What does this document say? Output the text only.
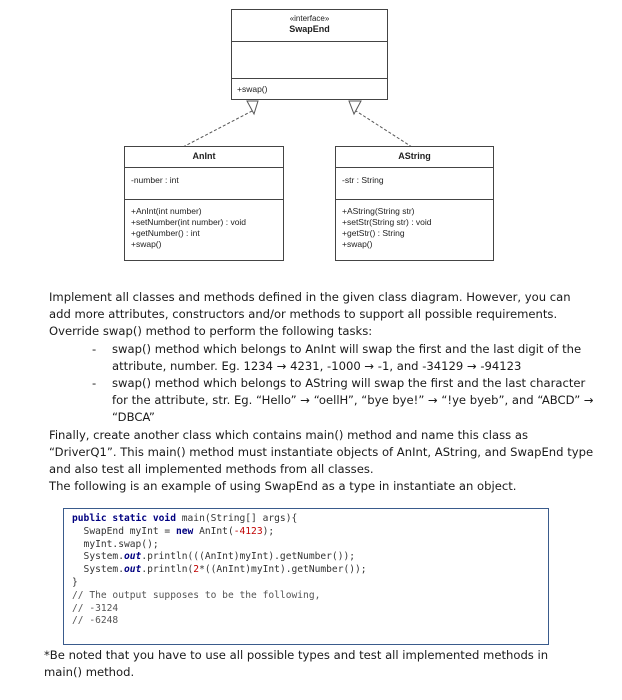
«interface»
SwapEnd
+swap()
AnInt
-number : int
+AnInt(int number)
+setNumber(int number) : void
+getNumber() : int
+swap()
AString
-str : String
+AString(String str)
+setStr(String str) : void
+getStr() : String
+swap()

Implement all classes and methods defined in the given class diagram. However, you can add more attributes, constructors and/or methods to support all possible requirements.

Override swap() method to perform the following tasks:

- swap() method which belongs to AnInt will swap the first and the last digit of the attribute, number. Eg. 1234 → 4231, -1000 → -1, and -34129 → -94123
- swap() method which belongs to AString will swap the first and the last character for the attribute, str. Eg. “Hello” → “oellH”, “bye bye!” → “!ye byeb”, and “ABCD” → “DBCA”

Finally, create another class which contains main() method and name this class as “DriverQ1”. This main() method must instantiate objects of AnInt, AString, and SwapEnd type and also test all implemented methods from all classes.

The following is an example of using SwapEnd as a type in instantiate an object.

public static void main(String[] args){
SwapEnd myInt = new AnInt(-4123);
myInt.swap();
System.out.println(((AnInt)myInt).getNumber());
System.out.println(2*((AnInt)myInt).getNumber());
}
// The output supposes to be the following,
// -3124
// -6248
*Be noted that you have to use all possible types and test all implemented methods in main() method.
